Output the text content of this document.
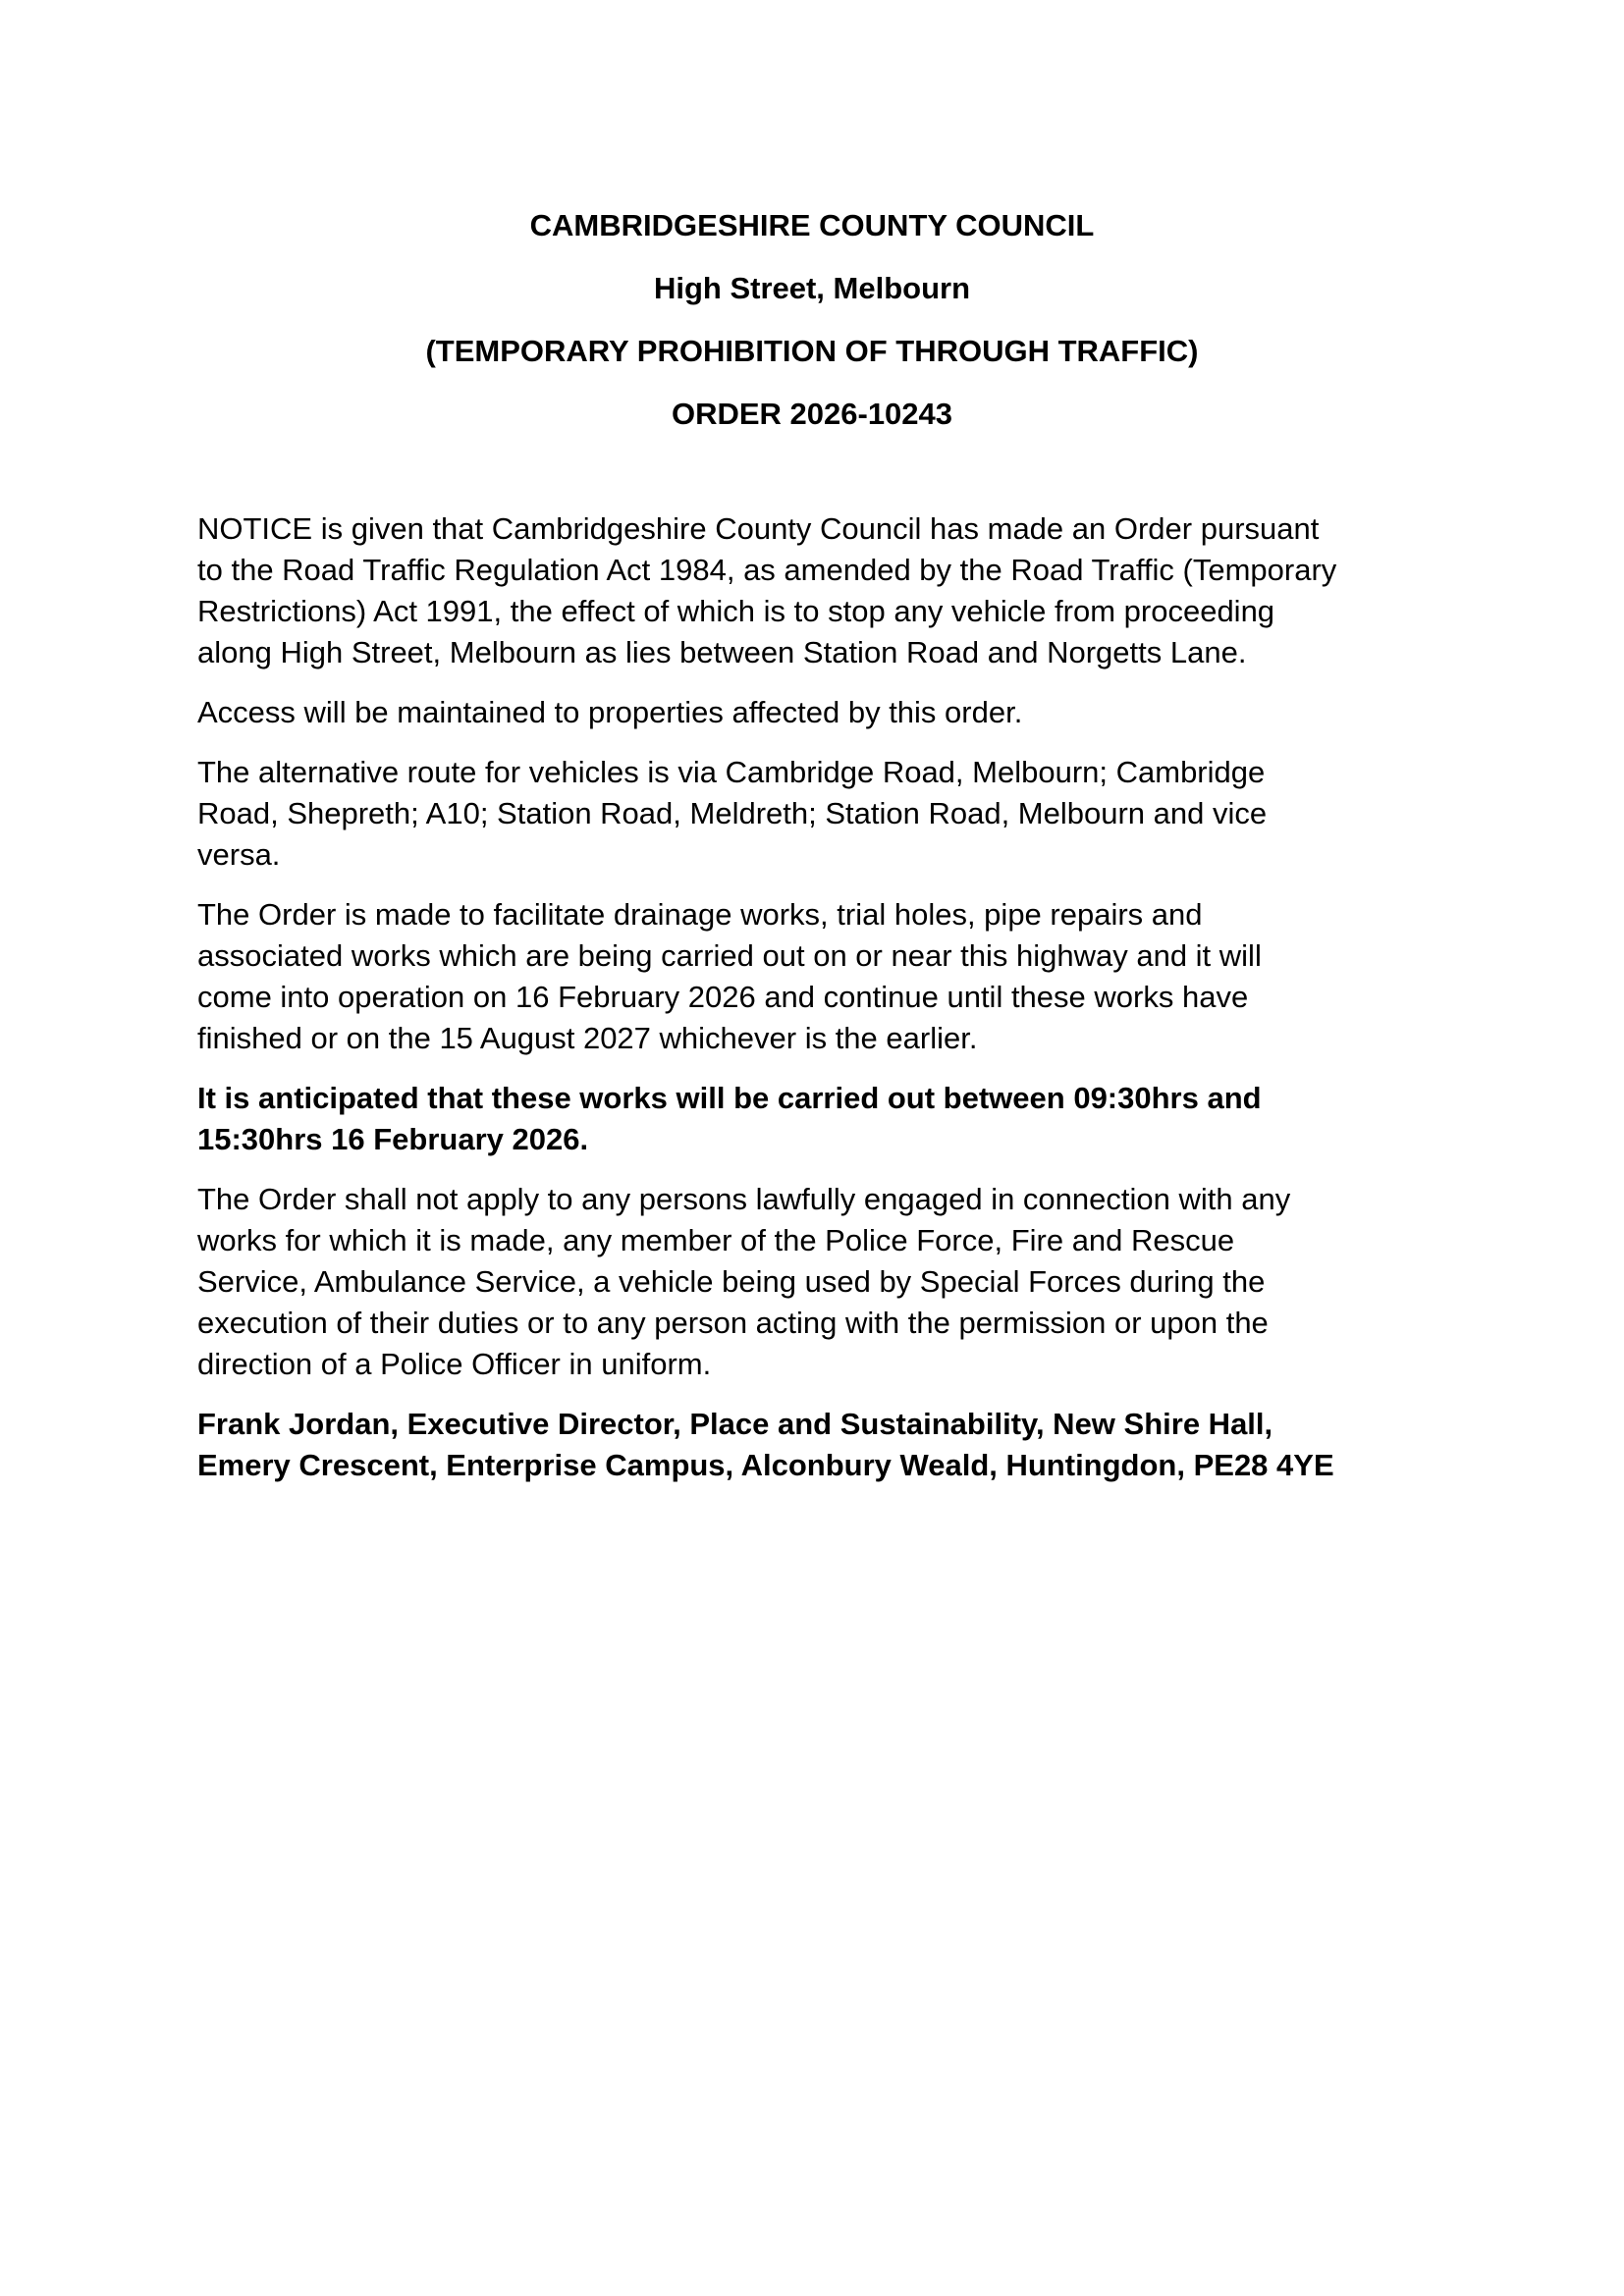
CAMBRIDGESHIRE COUNTY COUNCIL

High Street, Melbourn

(TEMPORARY PROHIBITION OF THROUGH TRAFFIC)

ORDER 2026-10243

NOTICE is given that Cambridgeshire County Council has made an Order pursuant
to the Road Traffic Regulation Act 1984, as amended by the Road Traffic (Temporary
Restrictions) Act 1991, the effect of which is to stop any vehicle from proceeding
along High Street, Melbourn as lies between Station Road and Norgetts Lane.

Access will be maintained to properties affected by this order.

The alternative route for vehicles is via Cambridge Road, Melbourn; Cambridge
Road, Shepreth; A10; Station Road, Meldreth; Station Road, Melbourn and vice
versa.

The Order is made to facilitate drainage works, trial holes, pipe repairs and
associated works which are being carried out on or near this highway and it will
come into operation on 16 February 2026 and continue until these works have
finished or on the 15 August 2027 whichever is the earlier.

It is anticipated that these works will be carried out between 09:30hrs and
15:30hrs 16 February 2026.

The Order shall not apply to any persons lawfully engaged in connection with any
works for which it is made, any member of the Police Force, Fire and Rescue
Service, Ambulance Service, a vehicle being used by Special Forces during the
execution of their duties or to any person acting with the permission or upon the
direction of a Police Officer in uniform.

Frank Jordan, Executive Director, Place and Sustainability, New Shire Hall,
Emery Crescent, Enterprise Campus, Alconbury Weald, Huntingdon, PE28 4YE
